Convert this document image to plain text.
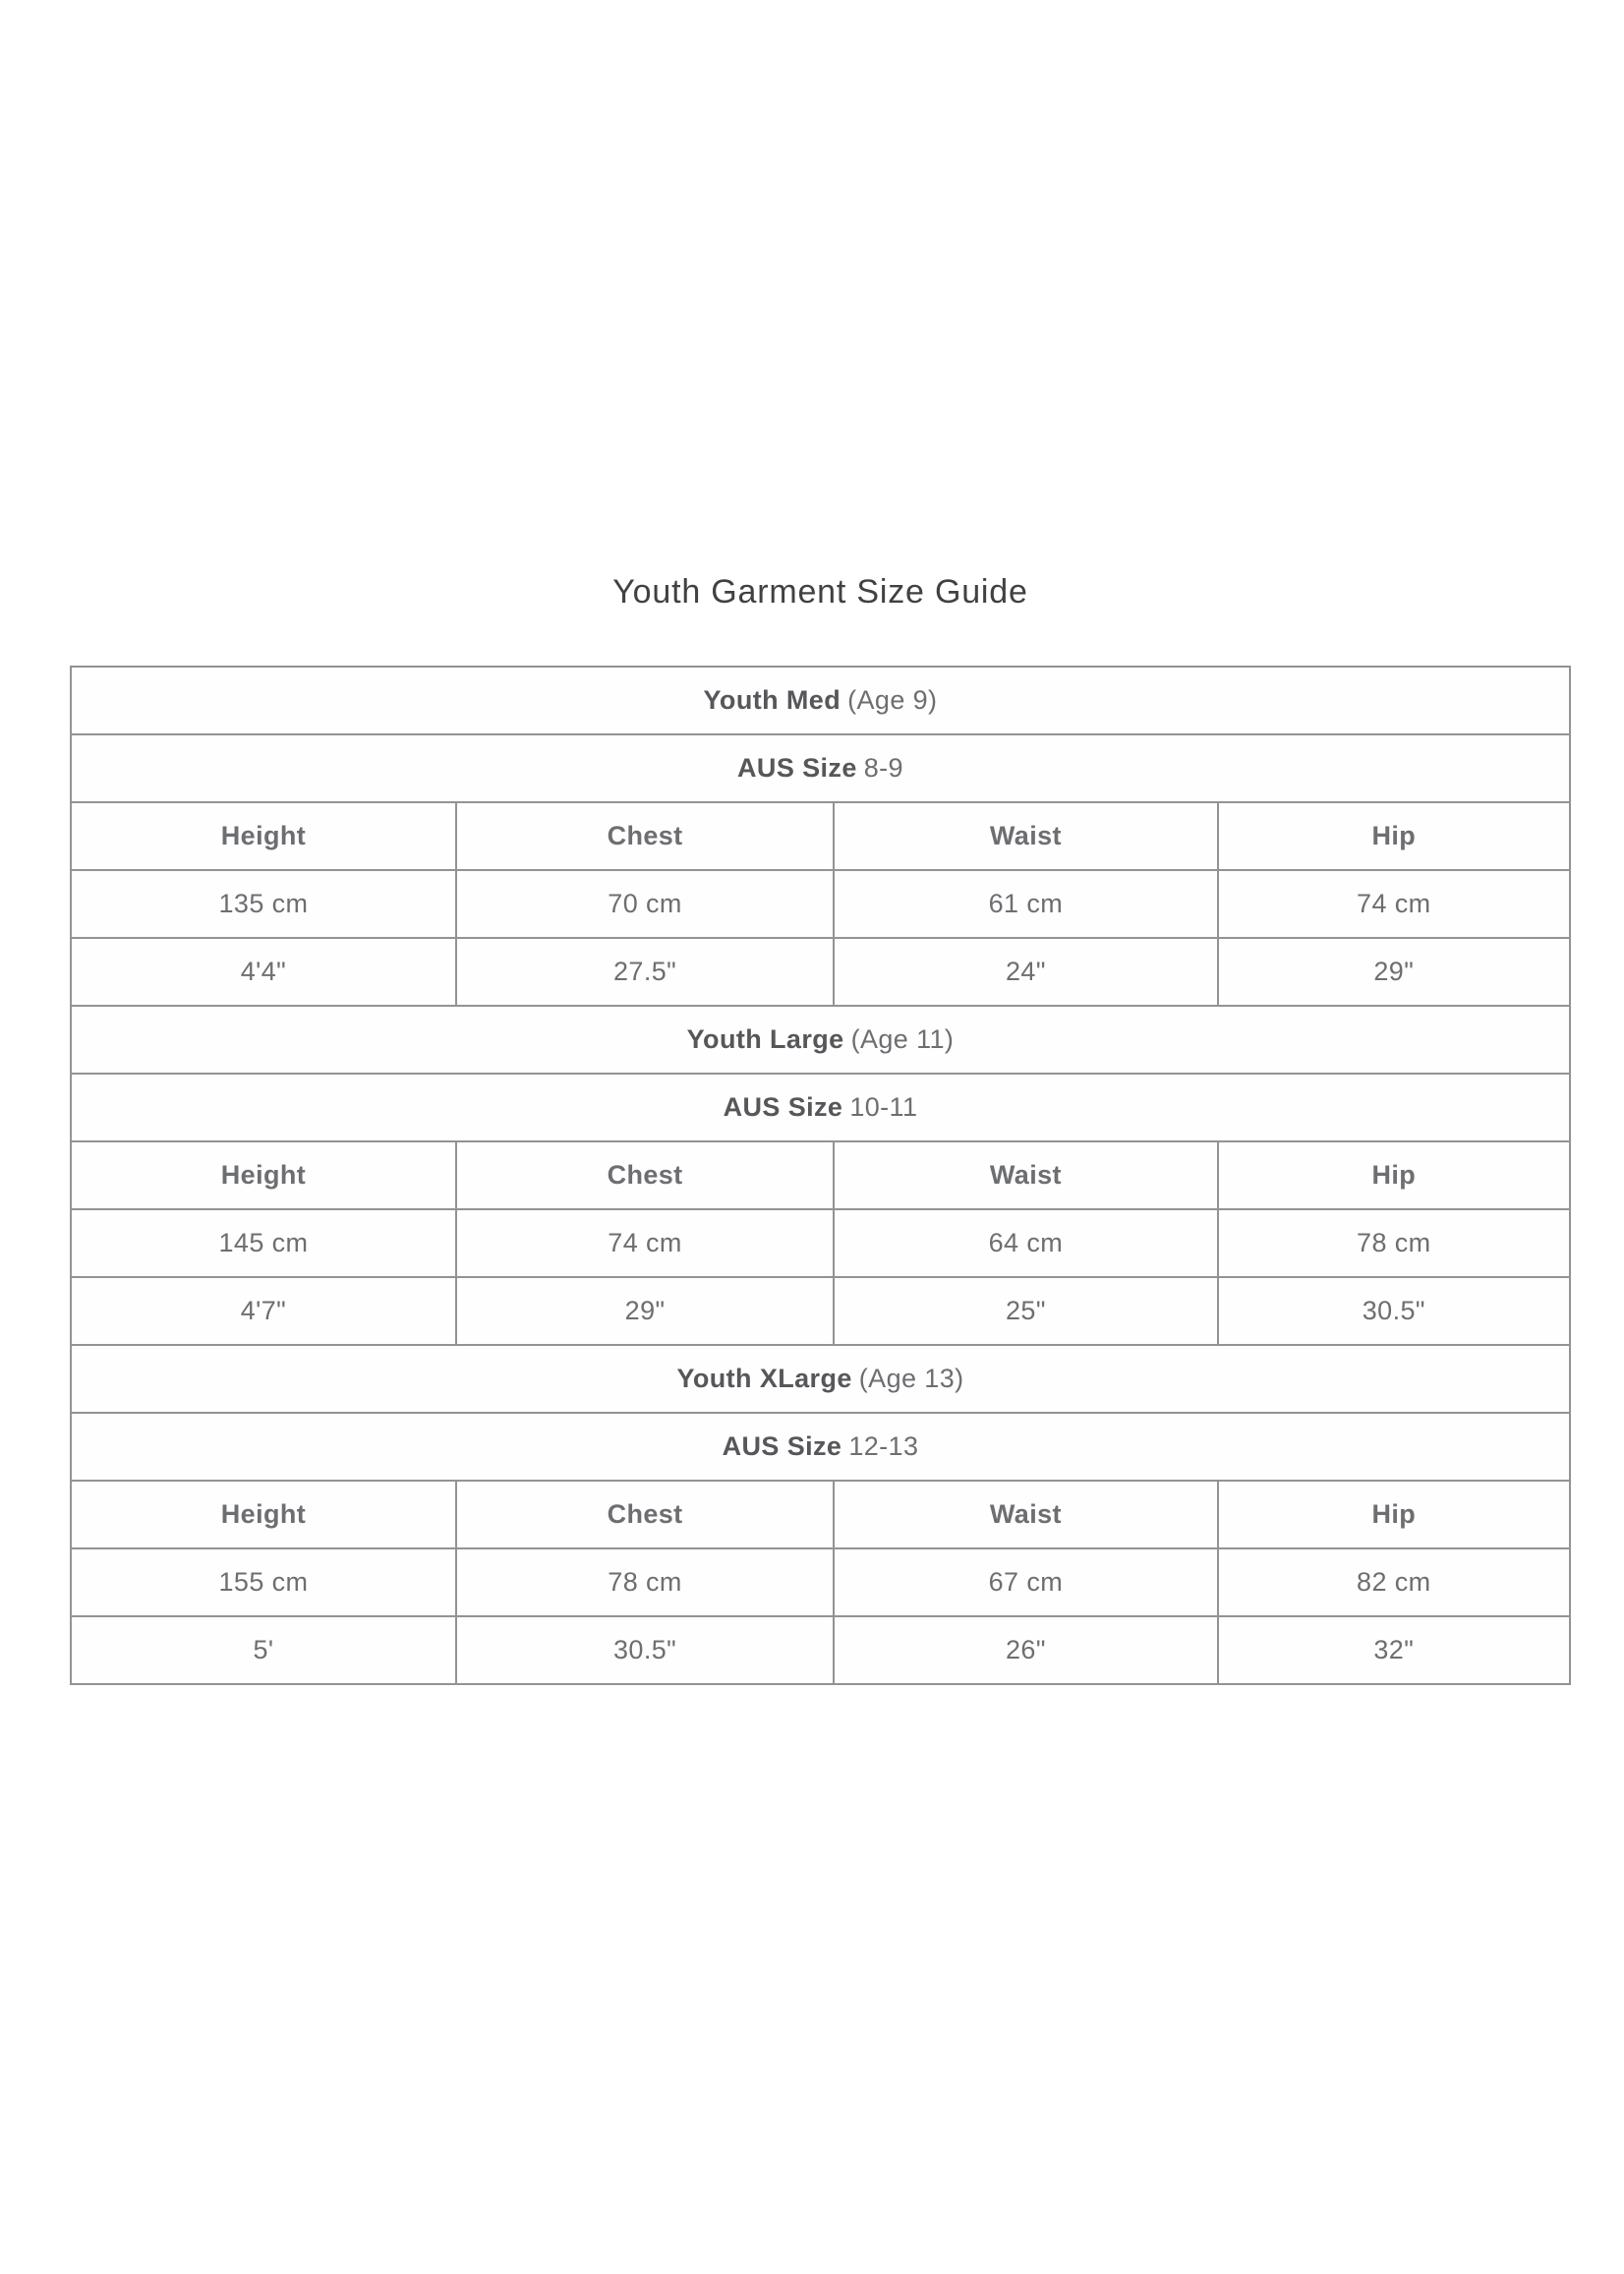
Youth Garment Size Guide
Youth Med (Age 9)			
AUS Size 8-9			
Height	Chest	Waist	Hip
135 cm	70 cm	61 cm	74 cm
4'4"	27.5"	24"	29"
Youth Large (Age 11)			
AUS Size 10-11			
Height	Chest	Waist	Hip
145 cm	74 cm	64 cm	78 cm
4'7"	29"	25"	30.5"
Youth XLarge (Age 13)			
AUS Size 12-13			
Height	Chest	Waist	Hip
155 cm	78 cm	67 cm	82 cm
5'	30.5"	26"	32"
